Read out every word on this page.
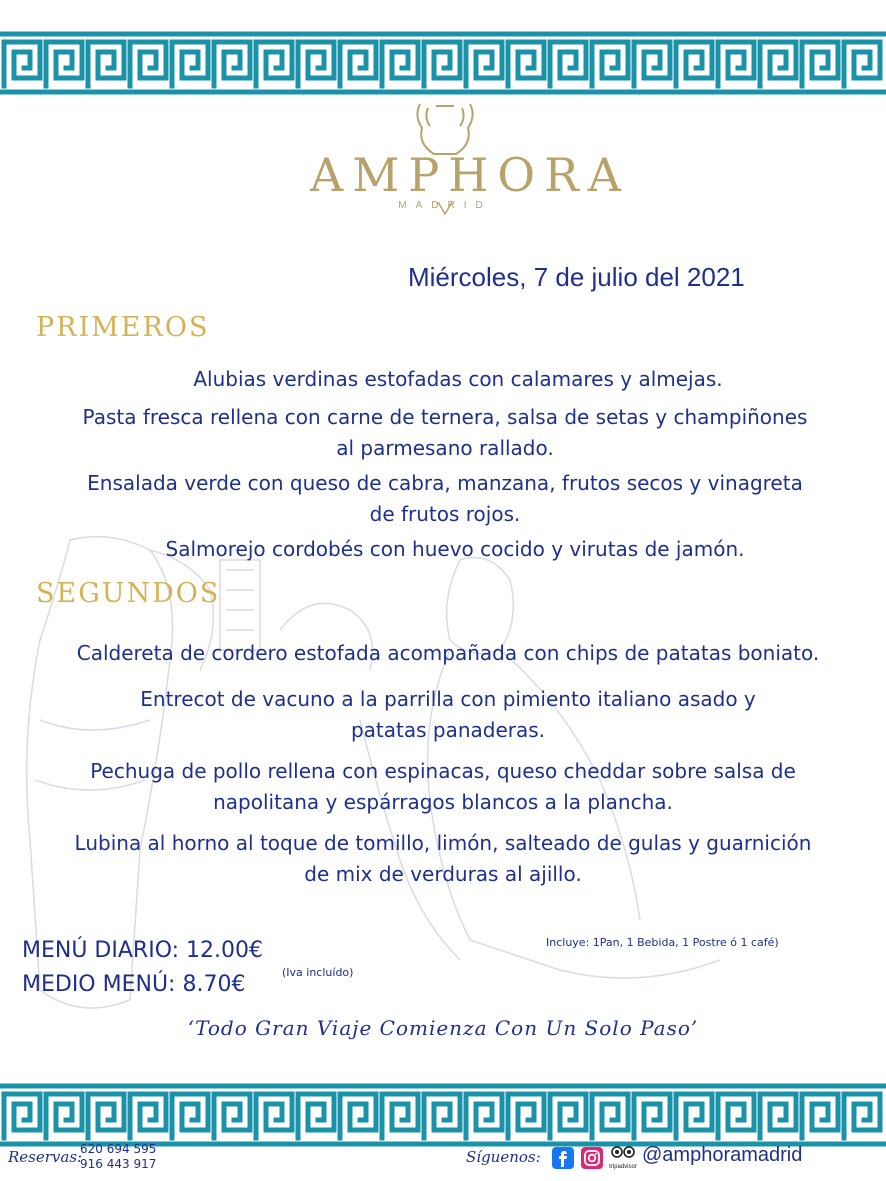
AMPHORA
MADRID
Miércoles, 7 de julio del 2021
PRIMEROS
Alubias verdinas estofadas con calamares y almejas.
Pasta fresca rellena con carne de ternera, salsa de setas y champiñones
al parmesano rallado.
Ensalada verde con queso de cabra, manzana, frutos secos y vinagreta
de frutos rojos.
Salmorejo cordobés con huevo cocido y virutas de jamón.
SEGUNDOS
Caldereta de cordero estofada acompañada con chips de patatas boniato.
Entrecot de vacuno a la parrilla con pimiento italiano asado y
patatas panaderas.
Pechuga de pollo rellena con espinacas, queso cheddar sobre salsa de
napolitana y espárragos blancos a la plancha.
Lubina al horno al toque de tomillo, limón, salteado de gulas y guarnición
de mix de verduras al ajillo.
MENÚ DIARIO: 12.00€
MEDIO MENÚ: 8.70€	(Iva incluído)
Incluye: 1Pan, 1 Bebida, 1 Postre ó 1 café)
‘Todo Gran Viaje Comienza Con Un Solo Paso’
Reservas:
620 694 595
916 443 917	Síguenos:
tripadvisor
@amphoramadrid
